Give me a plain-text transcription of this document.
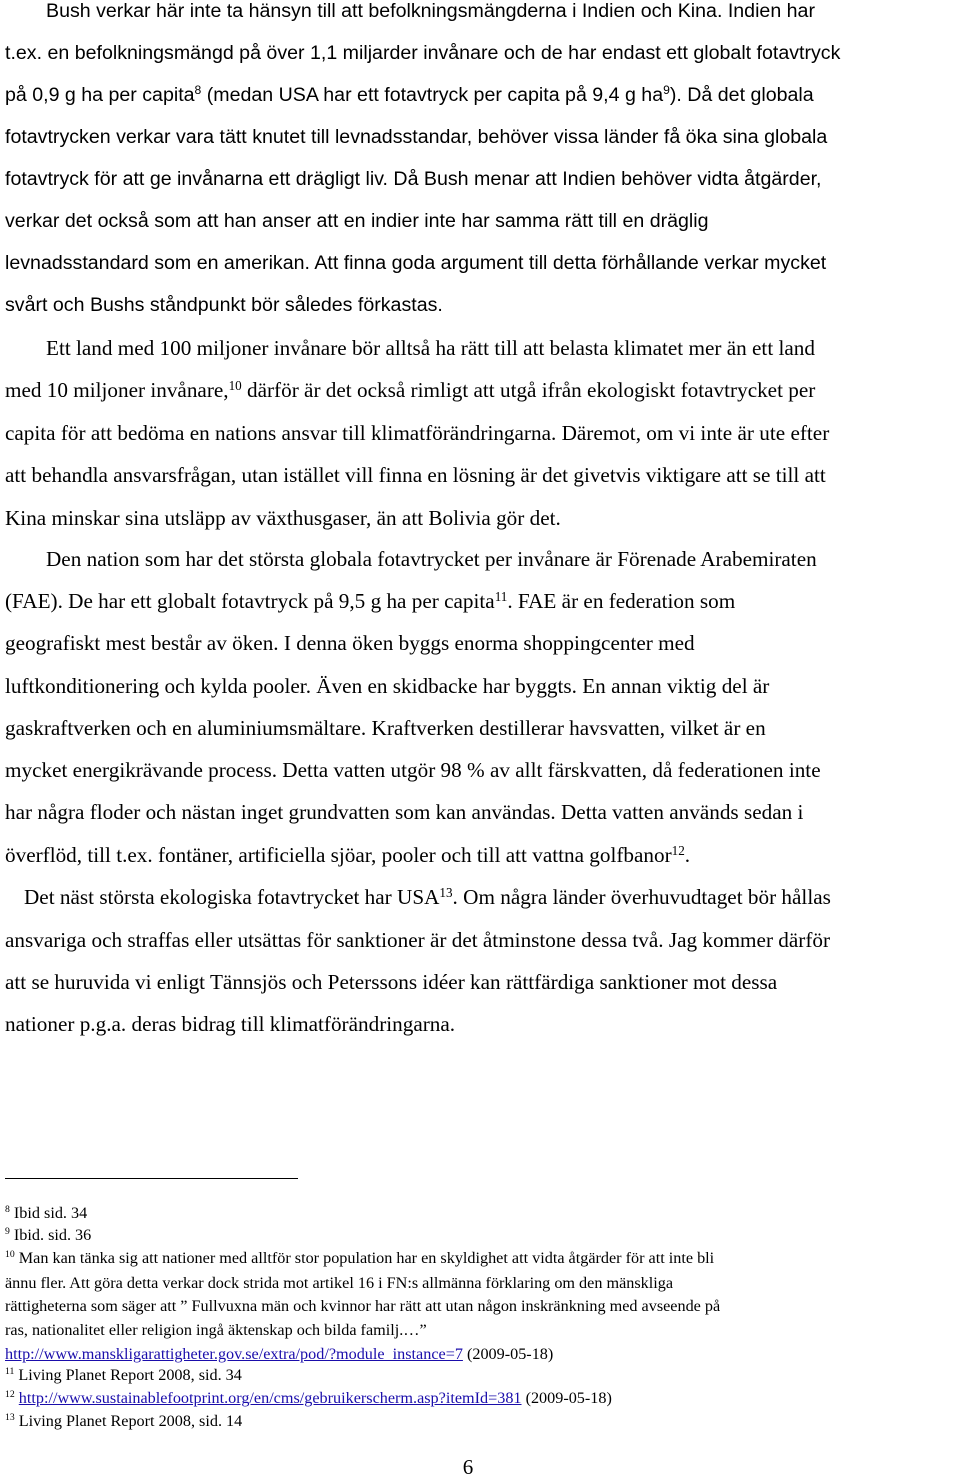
Bush verkar här inte ta hänsyn till att befolkningsmängderna i Indien och Kina. Indien har
t.ex. en befolkningsmängd på över 1,1 miljarder invånare och de har endast ett globalt fotavtryck
på 0,9 g ha per capita$^8$ (medan USA har ett fotavtryck per capita på 9,4 g $ha^9$). Då det globala
fotavtrycken verkar vara tätt knutet till levnadsstandar, behöver vissa länder få öka sina globala
fotavtryck för att ge invånarna ett drägligt liv. Då Bush menar att Indien behöver vidta åtgärder,
verkar det också som att han anser att en indier inte har samma rätt till en dräglig
levnadsstandard som en amerikan. Att finna goda argument till detta förhållande verkar mycket
svårt och Bushs ståndpunkt bör således förkastas.
Ett land med 100 miljoner invånare bör alltså ha rätt till att belasta klimatet mer än ett land
med 10 miljoner invånare,$^{10}$ därför är det också rimligt att utgå ifrån ekologiskt fotavtrycket per
capita för att bedöma en nations ansvar till klimatförändringarna. Däremot, om vi inte är ute efter
att behandla ansvarsfrågan, utan istället vill finna en lösning är det givetvis viktigare att se till att
Kina minskar sina utsläpp av växthusgaser, än att Bolivia gör det.
Den nation som har det största globala fotavtrycket per invånare är Förenade Arabemiraten
(FAE). De har ett globalt fotavtryck på 9,5 g ha per capita$^{11}$. FAE är en federation som
geografiskt mest består av öken. I denna öken byggs enorma shoppingcenter med
luftkonditionering och kylda pooler. Även en skidbacke har byggts. En annan viktig del är
gaskraftverken och en aluminiumsmältare. Kraftverken destillerar havsvatten, vilket är en
mycket energikrävande process. Detta vatten utgör 98 % av allt färskvatten, då federationen inte
har några floder och nästan inget grundvatten som kan användas. Detta vatten används sedan i
överflöd, till t.ex. fontäner, artificiella sjöar, pooler och till att vattna golfbanor$^{12}$.
Det näst största ekologiska fotavtrycket har USA$^{13}$. Om några länder överhuvudtaget bör hållas
ansvariga och straffas eller utsättas för sanktioner är det åtminstone dessa två. Jag kommer därför
att se huruvida vi enligt Tännsjös och Peterssons idéer kan rättfärdiga sanktioner mot dessa
nationer p.g.a. deras bidrag till klimatförändringarna.
$^8$ Ibid sid. 34
$^9$ Ibid. sid. 36
$^{10}$ Man kan tänka sig att nationer med alltför stor population har en skyldighet att vidta åtgärder för att inte bli
ännu fler. Att göra detta verkar dock strida mot artikel 16 i FN:s allmänna förklaring om den mänskliga
rättigheterna som säger att ” Fullvuxna män och kvinnor har rätt att utan någon inskränkning med avseende på
ras, nationalitet eller religion ingå äktenskap och bilda familj.…”
http://www.manskligarattigheter.gov.se/extra/pod/?module_instance=7 (2009-05-18)
$^{11}$ Living Planet Report 2008, sid. 34
$^{12}$ http://www.sustainablefootprint.org/en/cms/gebruikerscherm.asp?itemId=381 (2009-05-18)
$^{13}$ Living Planet Report 2008, sid. 14
6
